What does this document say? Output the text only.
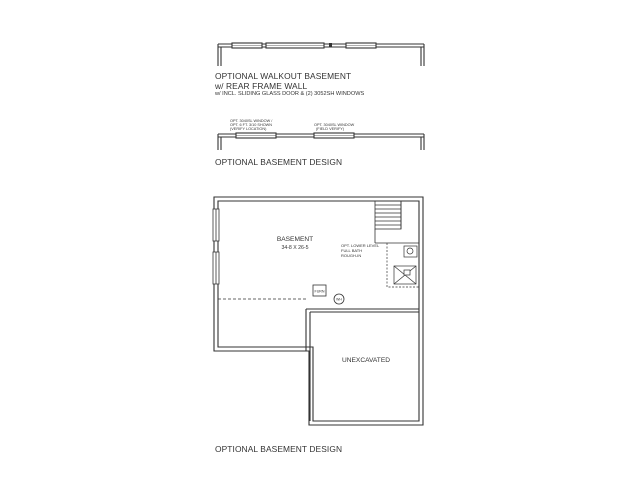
BASEMENT
34-8 X 26-5	OPT. LOWER LEVEL
FULL BATH
ROUGH-IN
FURN
WH
UNEXCAVATED
OPT. 3040SL WINDOW /
OPT. 6 FT. 3/10 SHOWN
(VERIFY LOCATION)
OPT. 3040SL WINDOW
(FIELD VERIFY)
OPTIONAL WALKOUT BASEMENT
w/ REAR FRAME WALL
w/ INCL. SLIDING GLASS DOOR & (2) 3052SH WINDOWS
OPTIONAL BASEMENT DESIGN
OPTIONAL BASEMENT DESIGN
